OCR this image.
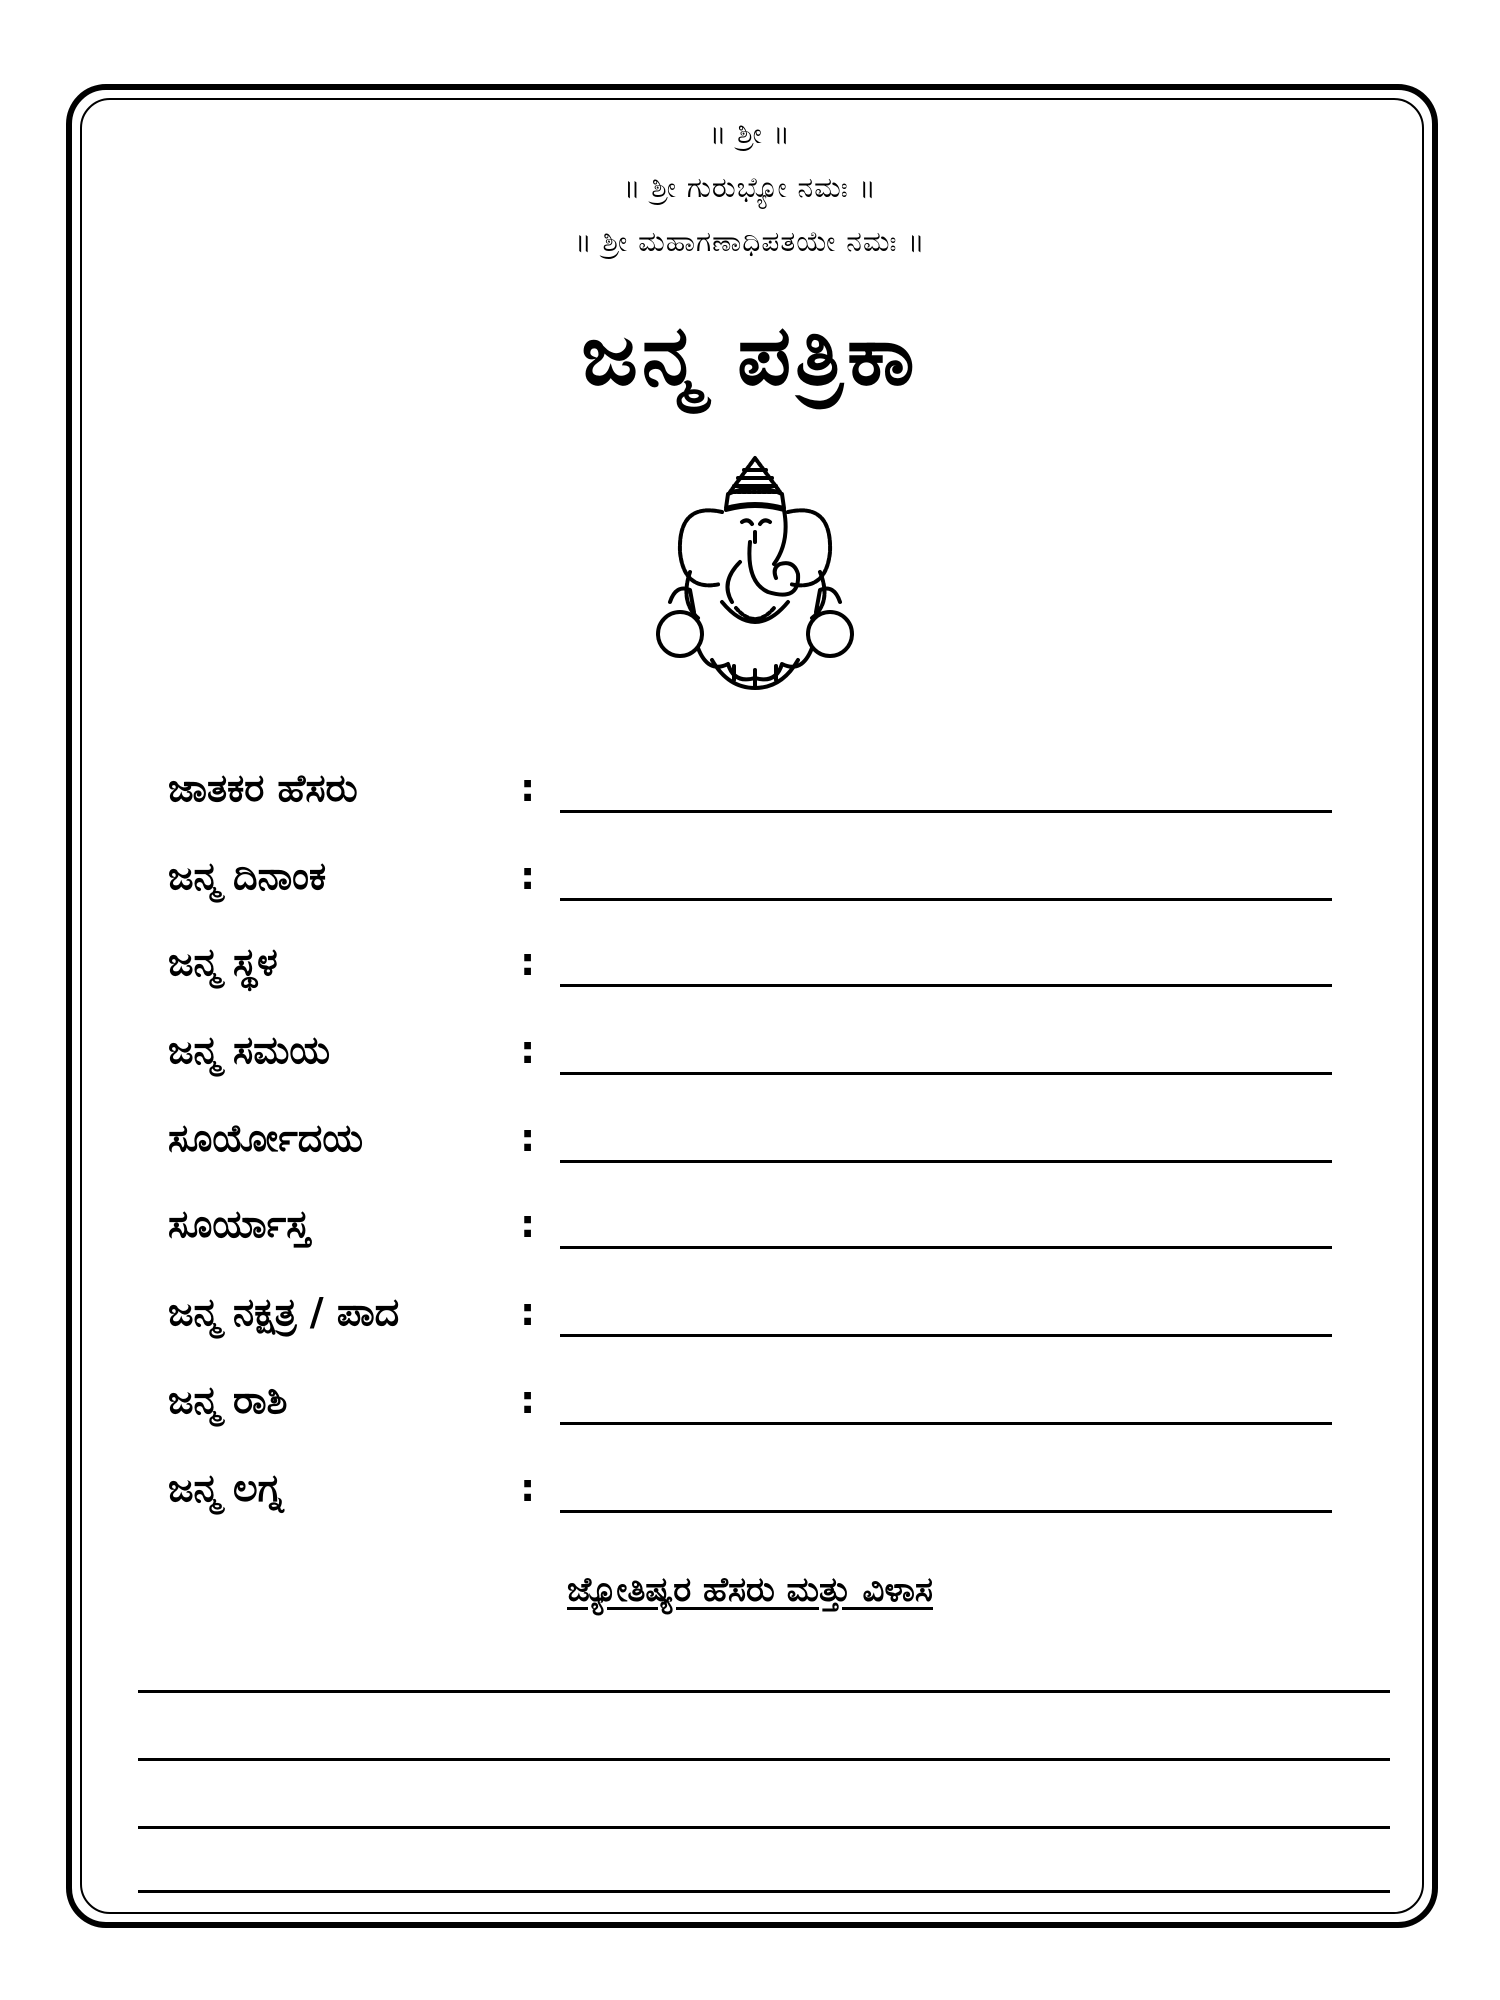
॥ ಶ್ರೀ ॥
॥ ಶ್ರೀ ಗುರುಭ್ಯೋ ನಮಃ ॥
॥ ಶ್ರೀ ಮಹಾಗಣಾಧಿಪತಯೇ ನಮಃ ॥
ಜನ್ಮ ಪತ್ರಿಕಾ
ಜಾತಕರ ಹೆಸರು	:
ಜನ್ಮ ದಿನಾಂಕ	:
ಜನ್ಮ ಸ್ಥಳ	:
ಜನ್ಮ ಸಮಯ	:
ಸೂರ್ಯೋದಯ	:
ಸೂರ್ಯಾಸ್ತ	:
ಜನ್ಮ ನಕ್ಷತ್ರ / ಪಾದ	:
ಜನ್ಮ ರಾಶಿ	:
ಜನ್ಮ ಲಗ್ನ	:
ಜ್ಯೋತಿಷ್ಯರ ಹೆಸರು ಮತ್ತು ವಿಳಾಸ
